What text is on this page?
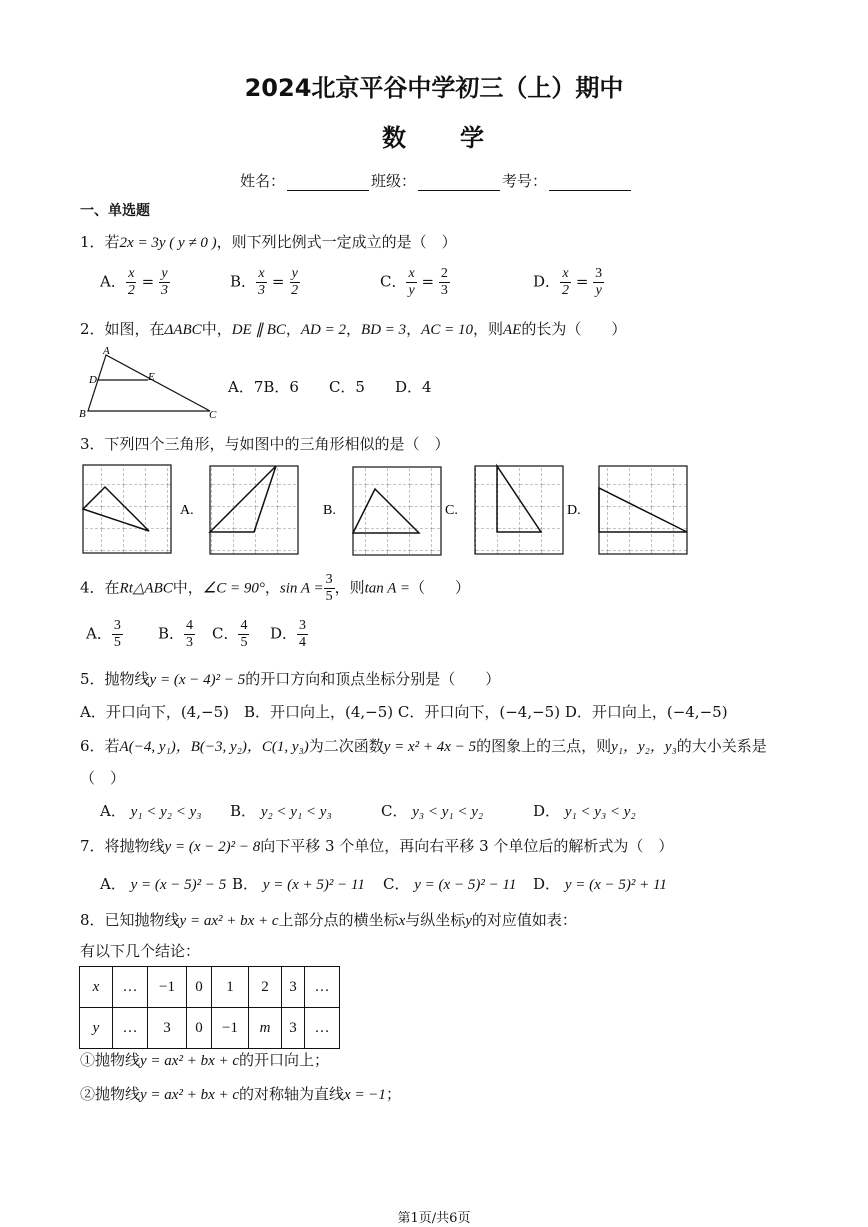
2024北京平谷中学初三（上）期中
数　　学
姓名：	班级：	考号：
一、单选题
1．若2x = 3y ( y ≠ 0 )，则下列比例式一定成立的是（　）
A． $\frac{x}{2} = \frac{y}{3}$	B． $\frac{x}{3} = \frac{y}{2}$	C． $\frac{x}{y} = \frac{2}{3}$	D． $\frac{x}{2} = \frac{3}{y}$
2．如图，在ΔABC中，DE ∥ BC，AD = 2，BD = 3，AC = 10，则AE的长为（　　）
A
D	E
B	C
A．7B．6　　C．5　　D．4
3．下列四个三角形，与如图中的三角形相似的是（　）
A.	B.	C.	D.
4．在Rt△ABC中，∠C = 90°，$\sin A = \frac{3}{5}$ ，则tan A =（　　）
A． $\frac{3}{5}$ B． $\frac{4}{3}$ C． $\frac{4}{5}$ D． $\frac{3}{4}$
5．抛物线y = (x − 4)² − 5的开口方向和顶点坐标分别是（　　）
A．开口向下，(4,−5)　B．开口向上，(4,−5) C．开口向下，(−4,−5) D．开口向上，(−4,−5)
6．若A(−4, y₁)，B(−3, y₂)，C(1, y₃)为二次函数y = x² + 4x − 5的图象上的三点，则y₁，y₂，y₃的大小关系是
（　）
A． y₁ < y₂ < y₃ B． y₂ < y₁ < y₃	C． y₃ < y₁ < y₂	D． y₁ < y₃ < y₂
7．将抛物线y = (x − 2)² − 8向下平移 3 个单位，再向右平移 3 个单位后的解析式为（　）
A． y = (x − 5)² − 5 B． y = (x + 5)² − 11 C． y = (x − 5)² − 11 D． y = (x − 5)² + 11
8．已知抛物线y = ax² + bx + c上部分点的横坐标x与纵坐标y的对应值如表：
有以下几个结论：
x	…	−1	0	1	2	3	…
y	…	3	0	−1	m	3	…
①抛物线y = ax² + bx + c的开口向上；
②抛物线y = ax² + bx + c的对称轴为直线x = −1；
第1页/共6页
